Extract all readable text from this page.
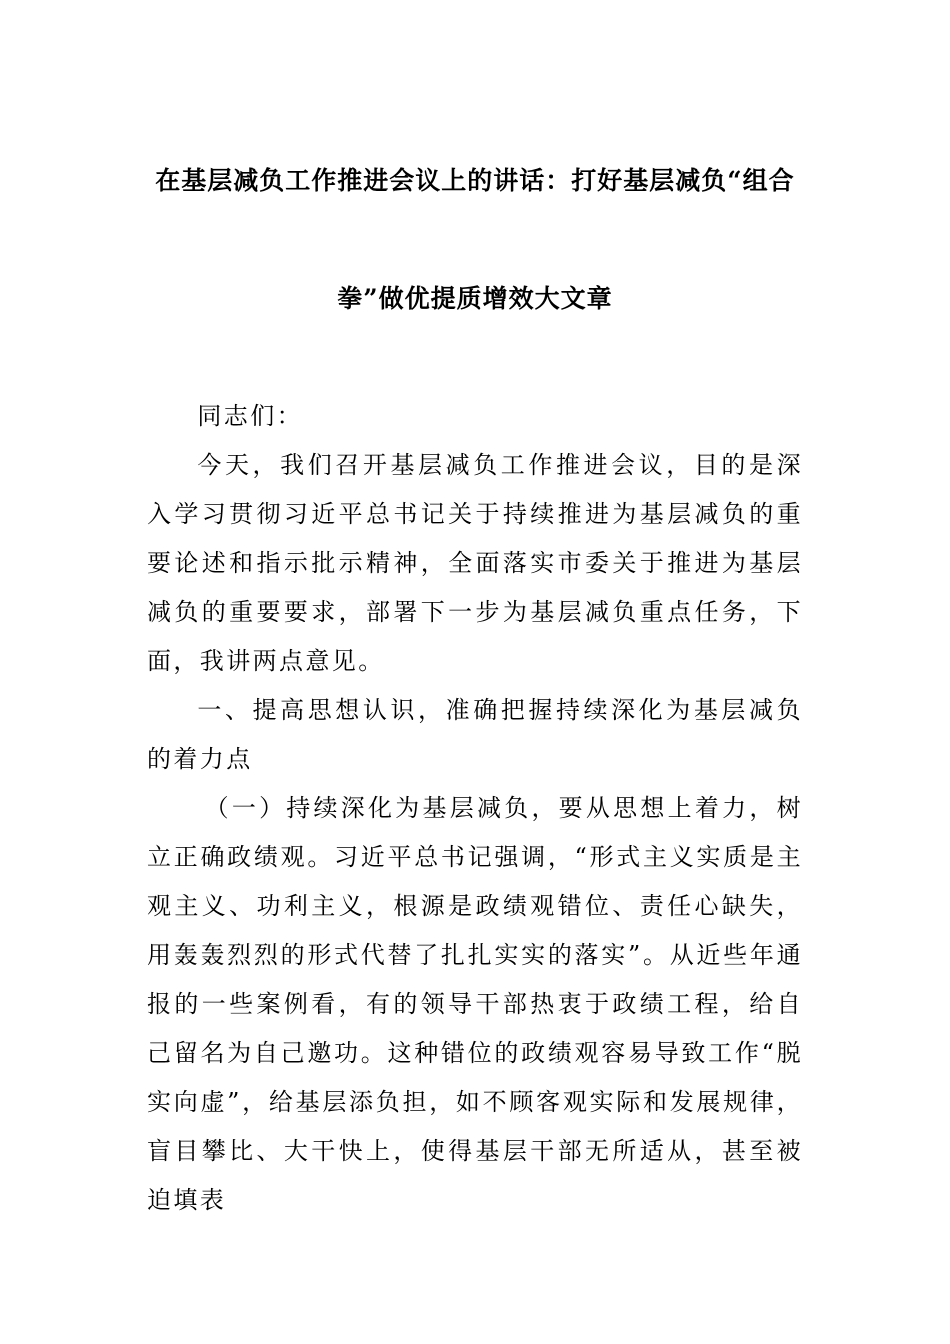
在基层减负工作推进会议上的讲话：打好基层减负“组合
拳”做优提质增效大文章

同志们：

今天，我们召开基层减负工作推进会议，目的是深入学习贯彻习近平总书记关于持续推进为基层减负的重要论述和指示批示精神，全面落实市委关于推进为基层减负的重要要求，部署下一步为基层减负重点任务，下面，我讲两点意见。

一、提高思想认识，准确把握持续深化为基层减负的着力点

（一）持续深化为基层减负，要从思想上着力，树立正确政绩观。习近平总书记强调，“形式主义实质是主观主义、功利主义，根源是政绩观错位、责任心缺失，用轰轰烈烈的形式代替了扎扎实实的落实”。从近些年通报的一些案例看，有的领导干部热衷于政绩工程，给自己留名为自己邀功。这种错位的政绩观容易导致工作“脱实向虚”，给基层添负担，如不顾客观实际和发展规律，盲目攀比、大干快上，使得基层干部无所适从，甚至被迫填表
